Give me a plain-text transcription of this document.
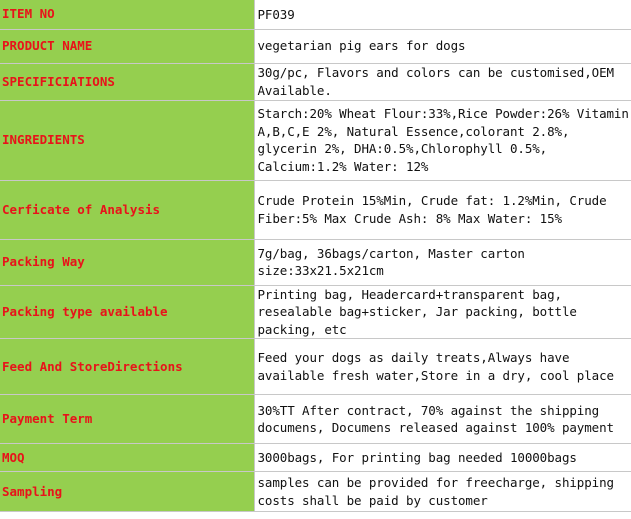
ITEM NO	PF039
PRODUCT NAME	vegetarian pig ears for dogs
SPECIFICIATIONS	30g/pc, Flavors and colors can be customised,OEM Available.
INGREDIENTS	Starch:20% Wheat Flour:33%,Rice Powder:26% Vitamin A,B,C,E 2%, Natural Essence,colorant 2.8%, glycerin 2%, DHA:0.5%,Chlorophyll 0.5%, Calcium:1.2% Water: 12%
Cerficate of Analysis	Crude Protein 15%Min, Crude fat: 1.2%Min, Crude Fiber:5% Max Crude Ash: 8% Max Water: 15%
Packing Way	7g/bag, 36bags/carton, Master carton size:33x21.5x21cm
Packing type available	Printing bag, Headercard+transparent bag, resealable bag+sticker, Jar packing, bottle packing, etc
Feed And StoreDirections	Feed your dogs as daily treats,Always have available fresh water,Store in a dry, cool place
Payment Term	30%TT After contract, 70% against the shipping documens, Documens released against 100% payment
MOQ	3000bags, For printing bag needed 10000bags
Sampling	samples can be provided for freecharge, shipping costs shall be paid by customer
